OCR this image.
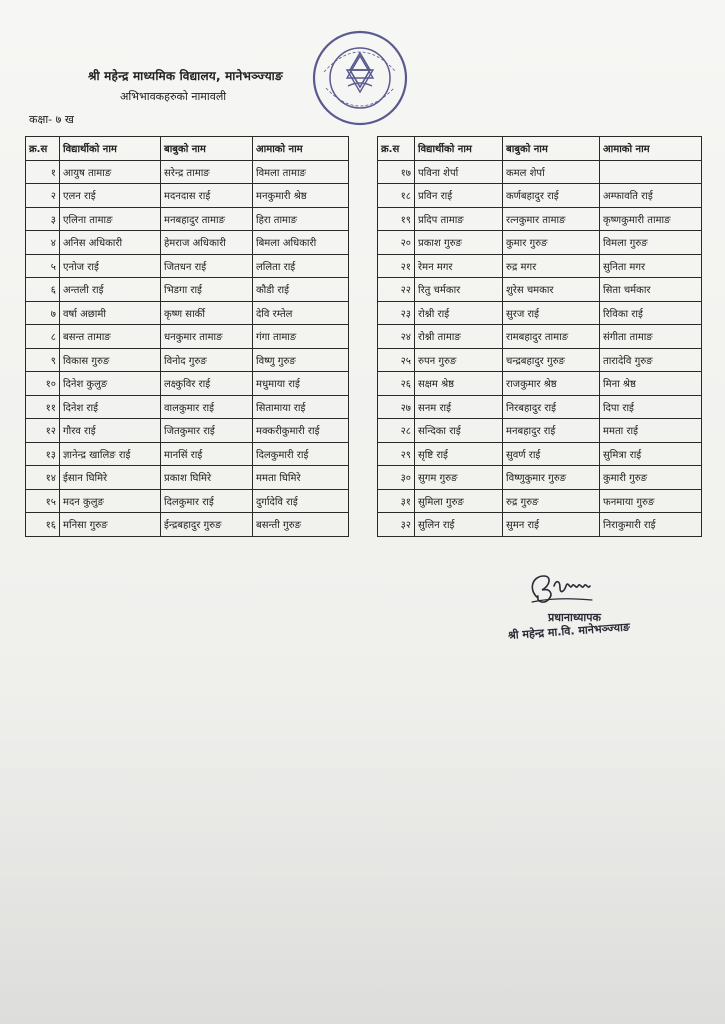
श्री महेन्द्र माध्यमिक विद्यालय, मानेभञ्ज्याङ
अभिभावकहरुको नामावली
कक्षा- ७ ख
क्र.स	विद्यार्थीको नाम	बाबुको नाम	आमाको नाम
१	आयुष तामाङ	सरेन्द्र तामाङ	विमला तामाङ
२	एलन राई	मदनदास राई	मनकुमारी श्रेष्ठ
३	एलिना तामाङ	मनबहादुर तामाङ	हिरा तामाङ
४	अनिस अधिकारी	हेमराज अधिकारी	बिमला अधिकारी
५	एनोज राई	जितधन राई	ललिता राई
६	अन्तली राई	भिडगा राई	कौडी राई
७	वर्षा अछामी	कृष्ण सार्की	देवि रम्तेल
८	बसन्त तामाङ	धनकुमार तामाङ	गंगा तामाङ
९	विकास गुरुङ	विनोद गुरुङ	विष्णु गुरुङ
१०	दिनेश कुलुङ	लक्ष्कुविर राई	मधुमाया राई
११	दिनेश राई	वालकुमार राई	सितामाया राई
१२	गौरव राई	जितकुमार राई	मक्करीकुमारी राई
१३	ज्ञानेन्द्र खालिङ राई	मानसिं राई	दिलकुमारी राई
१४	ईसान घिमिरे	प्रकाश घिमिरे	ममता घिमिरे
१५	मदन कुलुङ	दिलकुमार राई	दुर्गादेवि राई
१६	मनिसा गुरुङ	ईन्द्रबहादुर गुरुङ	बसन्ती गुरुङ
क्र.स	विद्यार्थीको नाम	बाबुको नाम	आमाको नाम
१७	पविना शेर्पा	कमल शेर्पा	
१८	प्रविन राई	कर्णबहादुर राई	अम्फावति राई
१९	प्रदिप तामाङ	रत्नकुमार तामाङ	कृष्णकुमारी तामाङ
२०	प्रकाश गुरुङ	कुमार गुरुङ	विमला गुरुङ
२१	रेमन मगर	रुद्र मगर	सुनिता मगर
२२	रितु चर्मकार	शुरेस चमकार	सिता चर्मकार
२३	रोश्नी राई	सुरज राई	रिविका राई
२४	रोश्नी तामाङ	रामबहादुर तामाङ	संगीता तामाङ
२५	रुपन गुरुङ	चन्द्रबहादुर गुरुङ	तारादेवि गुरुङ
२६	सक्षम श्रेष्ठ	राजकुमार श्रेष्ठ	मिना श्रेष्ठ
२७	सनम राई	निरबहादुर राई	दिपा राई
२८	सन्दिका राई	मनबहादुर राई	ममता राई
२९	सृष्टि राई	सुवर्ण राई	सुमित्रा राई
३०	सुगम गुरुङ	विष्णुकुमार गुरुङ	कुमारी गुरुङ
३१	सुमिला गुरुङ	रुद्र गुरुङ	फनमाया गुरुङ
३२	सुलिन राई	सुमन राई	निराकुमारी राई
प्रधानाध्यापक
श्री महेन्द्र मा.वि. मानेभञ्ज्याङ
